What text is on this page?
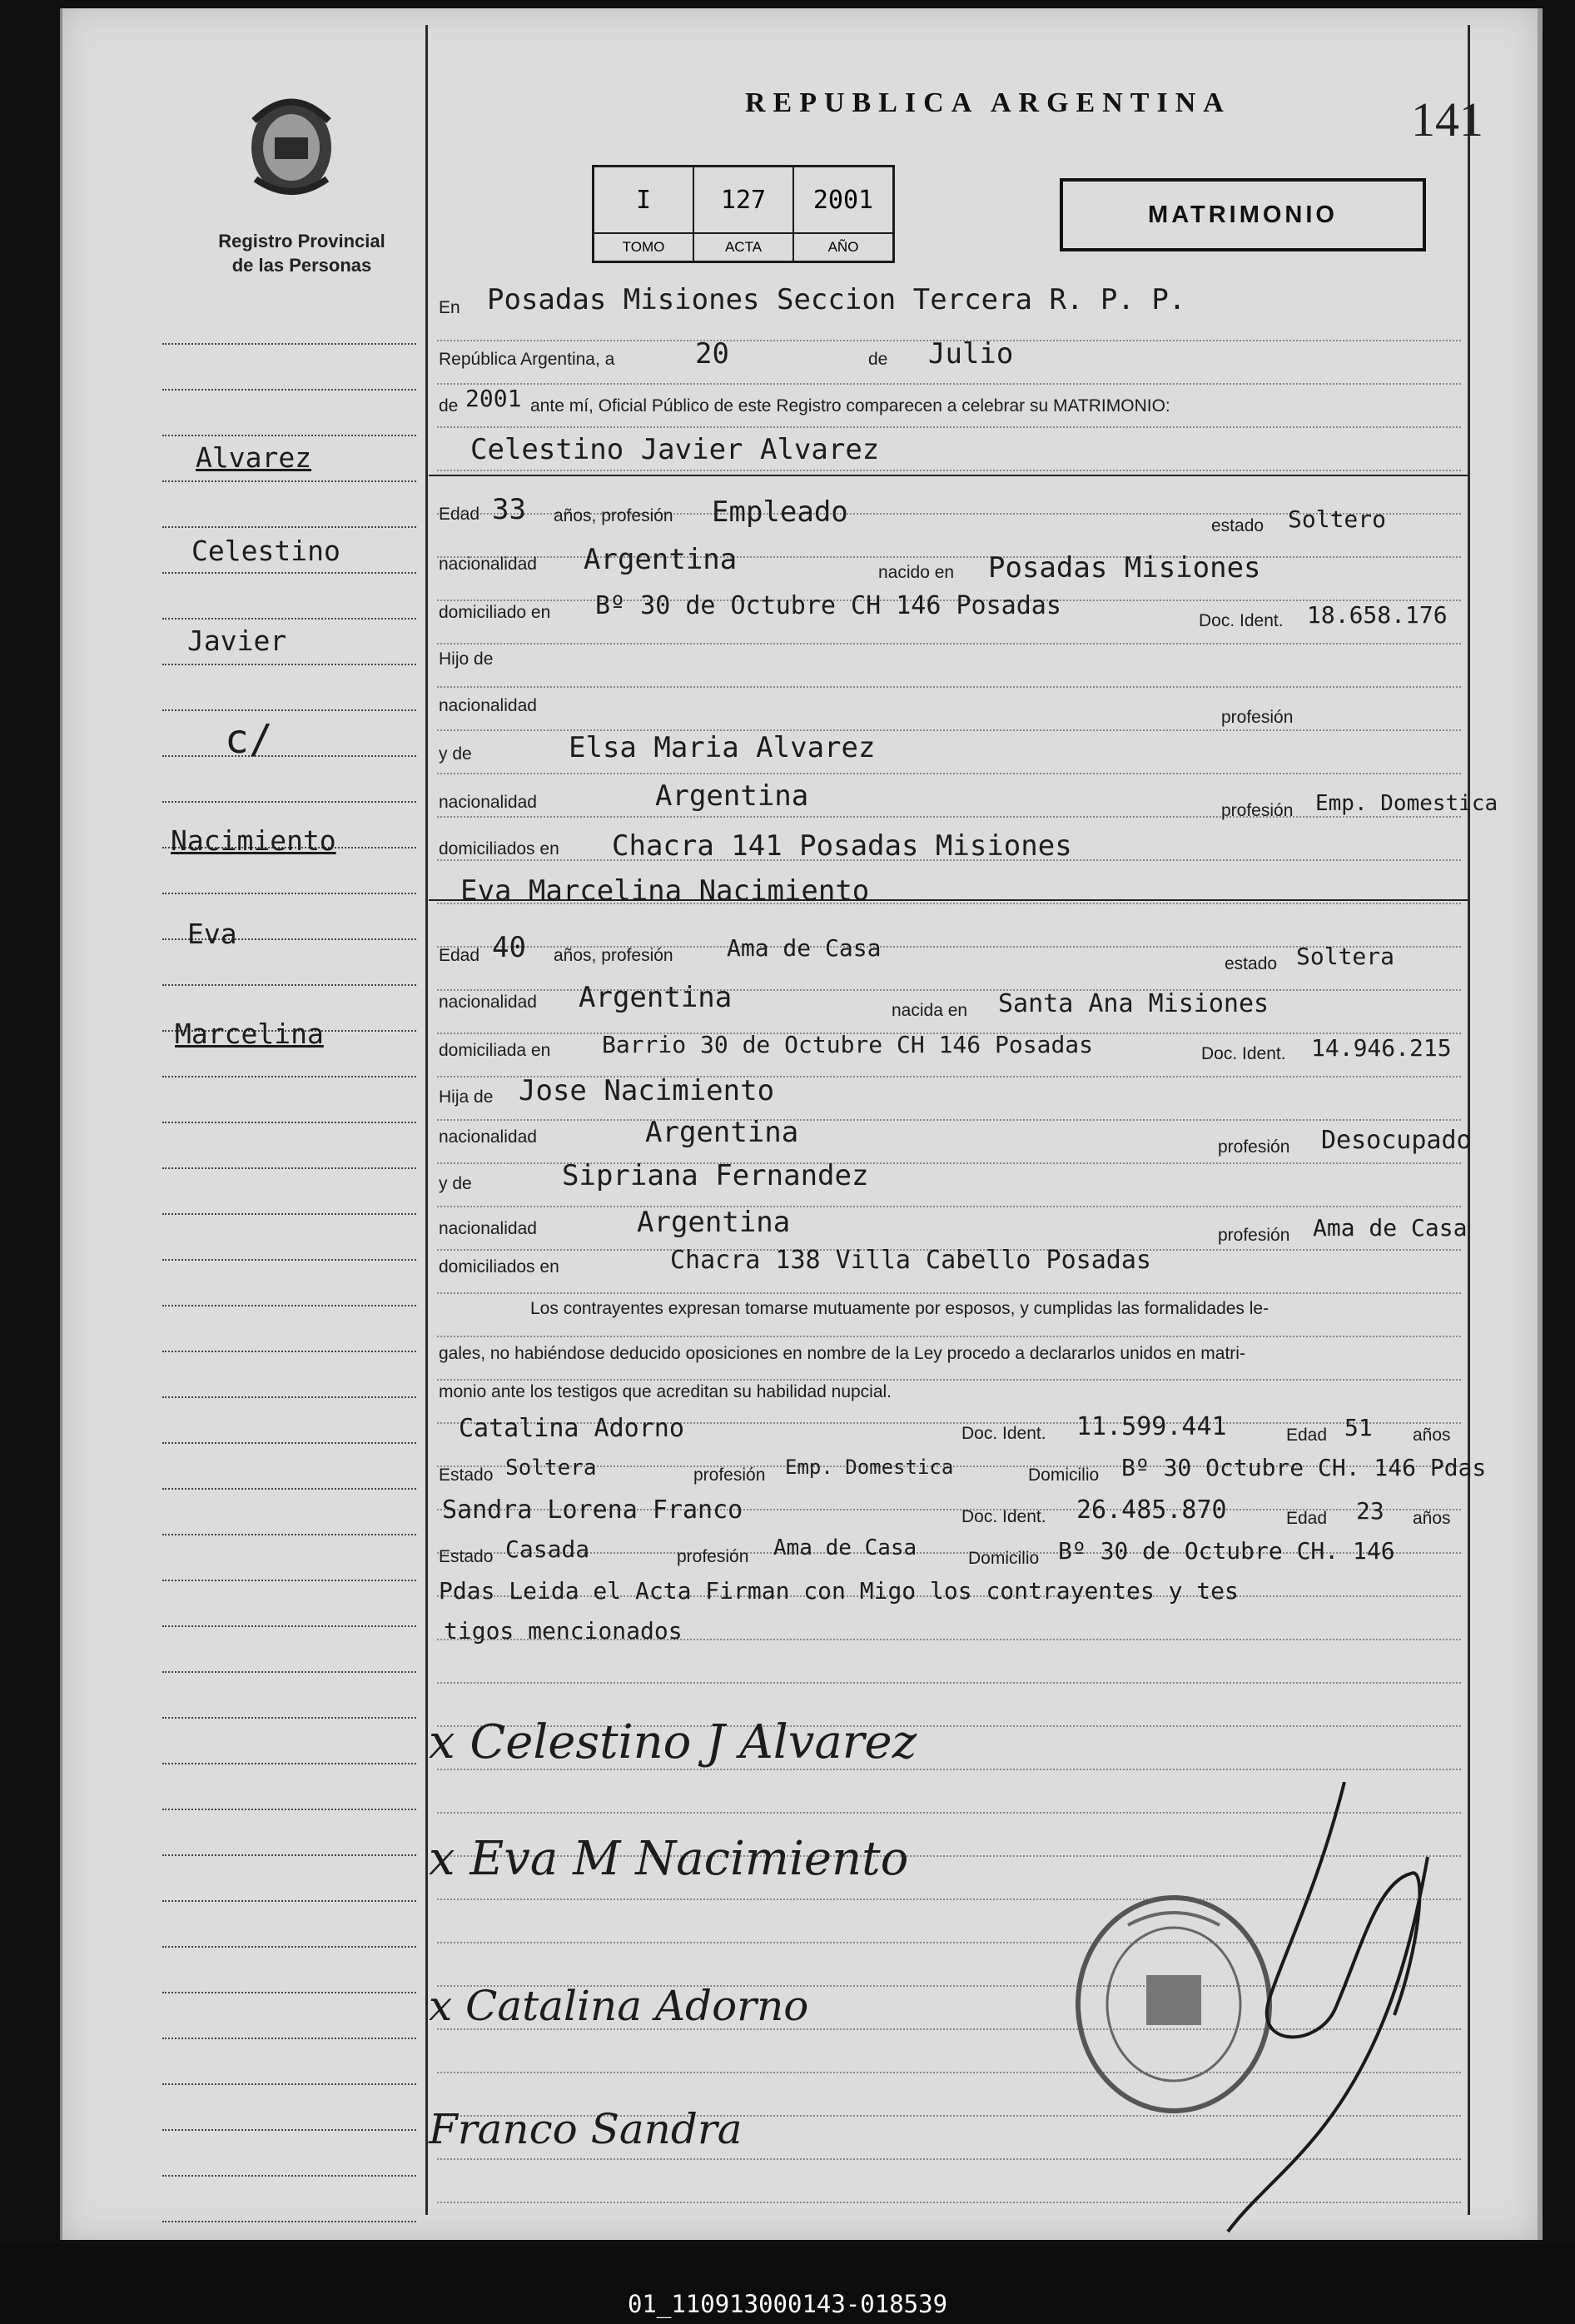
Registro Provincial
de las Personas
REPUBLICA ARGENTINA	141
I	127	2001
TOMO	ACTA	AÑO
MATRIMONIO
Alvarez
Celestino
Javier
c/
Nacimiento
Eva
Marcelina
En Posadas Misiones Seccion Tercera R. P. P.
República Argentina, a	20	de Julio
de 2001 ante mí, Oficial Público de este Registro comparecen a celebrar su MATRIMONIO:
Celestino Javier Alvarez
Edad 33 años, profesión Empleado	estado Soltero
nacionalidad Argentina	nacido en Posadas Misiones
domiciliado en Bº 30 de Octubre CH 146 Posadas
Doc. Ident. 18.658.176
Hijo de
nacionalidad
profesión
y de	Elsa Maria Alvarez
nacionalidad	Argentina	profesión Emp. Domestica
domiciliados en Chacra 141 Posadas Misiones
Eva Marcelina Nacimiento
Edad 40 años, profesión Ama de Casa
estado Soltera
nacionalidad Argentina	nacida en Santa Ana Misiones
domiciliada en Barrio 30 de Octubre CH 146 Posadas	Doc. Ident. 14.946.215
Hija de Jose Nacimiento
nacionalidad	Argentina	profesión Desocupado
y de	Sipriana Fernandez
nacionalidad	Argentina	profesión Ama de Casa
domiciliados en	Chacra 138 Villa Cabello Posadas
Los contrayentes expresan tomarse mutuamente por esposos, y cumplidas las formalidades le-
gales, no habiéndose deducido oposiciones en nombre de la Ley procedo a declararlos unidos en matri-
monio ante los testigos que acreditan su habilidad nupcial.
Catalina Adorno	Doc. Ident. 11.599.441	Edad 51 años
Estado Soltera	profesión Emp. Domestica	Domicilio Bº 30 Octubre CH. 146 Pdas
Sandra Lorena Franco	Doc. Ident. 26.485.870	Edad 23 años
Estado Casada	profesión Ama de Casa	Domicilio Bº 30 de Octubre CH. 146
Pdas Leida el Acta Firman con Migo los contrayentes y tes
tigos mencionados
x Celestino J Alvarez
x Eva M Nacimiento
x Catalina Adorno
Franco Sandra
01_110913000143-018539
